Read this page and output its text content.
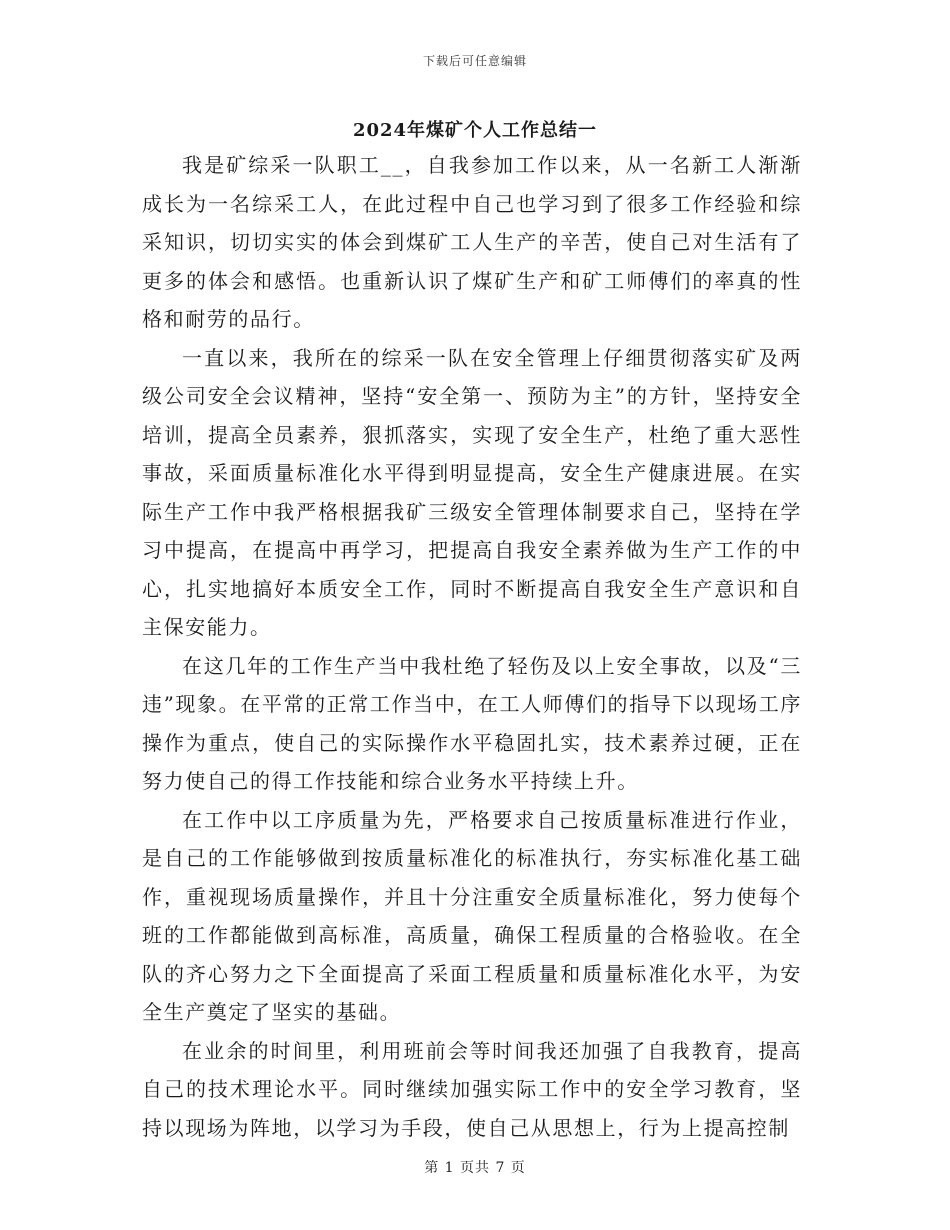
下载后可任意编辑
2024年煤矿个人工作总结一

我是矿综采一队职工__，自我参加工作以来，从一名新工人渐渐成长为一名综采工人，在此过程中自己也学习到了很多工作经验和综采知识，切切实实的体会到煤矿工人生产的辛苦，使自己对生活有了更多的体会和感悟。也重新认识了煤矿生产和矿工师傅们的率真的性格和耐劳的品行。

一直以来，我所在的综采一队在安全管理上仔细贯彻落实矿及两级公司安全会议精神，坚持“安全第一、预防为主”的方针，坚持安全培训，提高全员素养，狠抓落实，实现了安全生产，杜绝了重大恶性事故，采面质量标准化水平得到明显提高，安全生产健康进展。在实际生产工作中我严格根据我矿三级安全管理体制要求自己，坚持在学习中提高，在提高中再学习，把提高自我安全素养做为生产工作的中心，扎实地搞好本质安全工作，同时不断提高自我安全生产意识和自主保安能力。

在这几年的工作生产当中我杜绝了轻伤及以上安全事故，以及“三违”现象。在平常的正常工作当中，在工人师傅们的指导下以现场工序操作为重点，使自己的实际操作水平稳固扎实，技术素养过硬，正在努力使自己的得工作技能和综合业务水平持续上升。

在工作中以工序质量为先，严格要求自己按质量标准进行作业，是自己的工作能够做到按质量标准化的标准执行，夯实标准化基工础作，重视现场质量操作，并且十分注重安全质量标准化，努力使每个班的工作都能做到高标准，高质量，确保工程质量的合格验收。在全队的齐心努力之下全面提高了采面工程质量和质量标准化水平，为安全生产奠定了坚实的基础。

在业余的时间里，利用班前会等时间我还加强了自我教育，提高自己的技术理论水平。同时继续加强实际工作中的安全学习教育，坚持以现场为阵地，以学习为手段，使自己从思想上，行为上提高控制

第 1 页共 7 页
